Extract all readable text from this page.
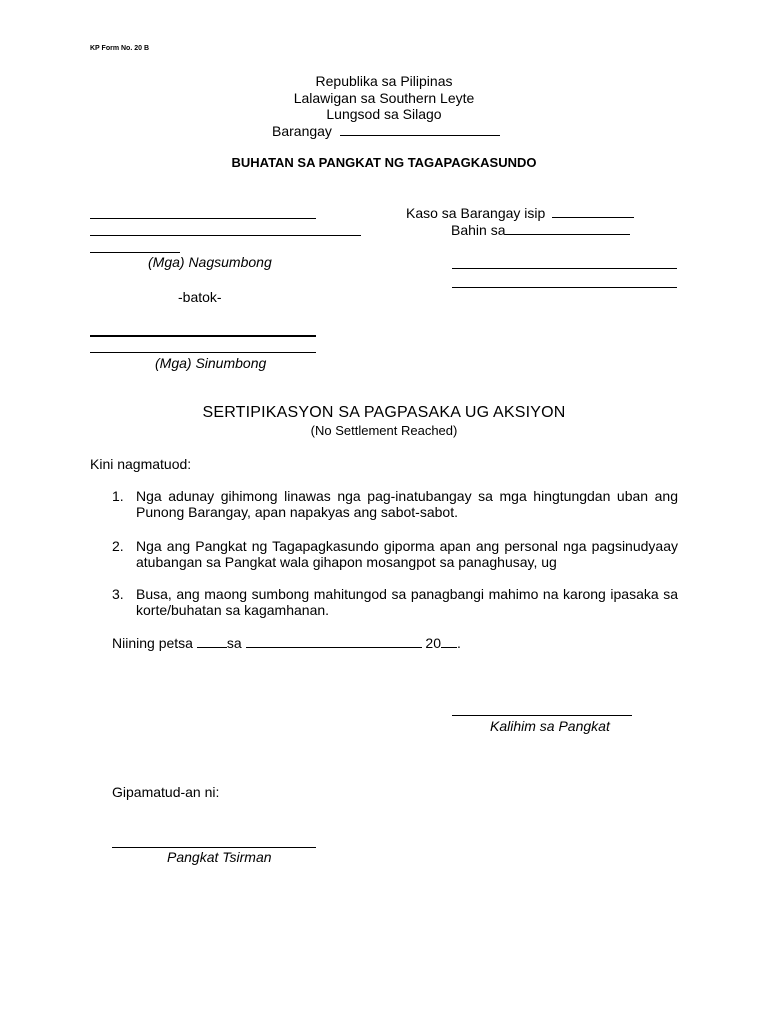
KP Form No. 20 B
Republika sa Pilipinas
Lalawigan sa Southern Leyte
Lungsod sa Silago
Barangay
BUHATAN SA PANGKAT NG TAGAPAGKASUNDO
(Mga) Nagsumbong
Kaso sa Barangay isip
Bahin sa
-batok-
(Mga) Sinumbong
SERTIPIKASYON SA PAGPASAKA UG AKSIYON
(No Settlement Reached)
Kini nagmatuod:
1. Nga adunay gihimong linawas nga pag-inatubangay sa mga hingtungdan uban ang Punong Barangay, apan napakyas ang sabot-sabot.
2. Nga ang Pangkat ng Tagapagkasundo giporma apan ang personal nga pagsinudyaay atubangan sa Pangkat wala gihapon mosangpot sa panaghusay, ug
3. Busa, ang maong sumbong mahitungod sa panagbangi mahimo na karong ipasaka sa korte/buhatan sa kagamhanan.
Niining petsa sa	20 .
Kalihim sa Pangkat
Gipamatud-an ni:
Pangkat Tsirman
